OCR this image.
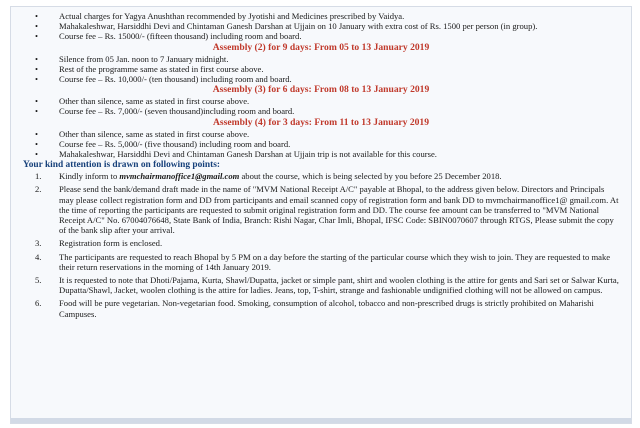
• Actual charges for Yagya Anushthan recommended by Jyotishi and Medicines prescribed by Vaidya.
• Mahakaleshwar, Harsiddhi Devi and Chintaman Ganesh Darshan at Ujjain on 10 January with extra cost of Rs. 1500 per person (in group).
• Course fee – Rs. 15000/- (fifteen thousand) including room and board.
Assembly (2) for 9 days: From 05 to 13 January 2019
• Silence from 05 Jan. noon to 7 January midnight.
• Rest of the programme same as stated in first course above.
• Course fee – Rs. 10,000/- (ten thousand) including room and board.
Assembly (3) for 6 days: From 08 to 13 January 2019
• Other than silence, same as stated in first course above.
• Course fee – Rs. 7,000/- (seven thousand)including room and board.
Assembly (4) for 3 days: From 11 to 13 January 2019
• Other than silence, same as stated in first course above.
• Course fee – Rs. 5,000/- (five thousand) including room and board.
• Mahakaleshwar, Harsiddhi Devi and Chintaman Ganesh Darshan at Ujjain trip is not available for this course.
Your kind attention is drawn on following points:
1. Kindly inform to mvmchairmanoffice1@gmail.com about the course, which is being selected by you before 25 December 2018.
2. Please send the bank/demand draft made in the name of "MVM National Receipt A/C" payable at Bhopal, to the address given below. Directors and Principals may please collect registration form and DD from participants and email scanned copy of registration form and bank DD to mvmchairmanoffice1@ gmail.com. At the time of reporting the participants are requested to submit original registration form and DD. The course fee amount can be transferred to "MVM National Receipt A/C" No. 67004076648, State Bank of India, Branch: Rishi Nagar, Char Imli, Bhopal, IFSC Code: SBIN0070607 through RTGS, Please submit the copy of the bank slip after your arrival.
3. Registration form is enclosed.
4. The participants are requested to reach Bhopal by 5 PM on a day before the starting of the particular course which they wish to join. They are requested to make their return reservations in the morning of 14th January 2019.
5. It is requested to note that Dhoti/Pajama, Kurta, Shawl/Dupatta, jacket or simple pant, shirt and woolen clothing is the attire for gents and Sari set or Salwar Kurta, Dupatta/Shawl, Jacket, woolen clothing is the attire for ladies. Jeans, top, T-shirt, strange and fashionable undignified clothing will not be allowed on campus.
6. Food will be pure vegetarian. Non-vegetarian food. Smoking, consumption of alcohol, tobacco and non-prescribed drugs is strictly prohibited on Maharishi Campuses.
